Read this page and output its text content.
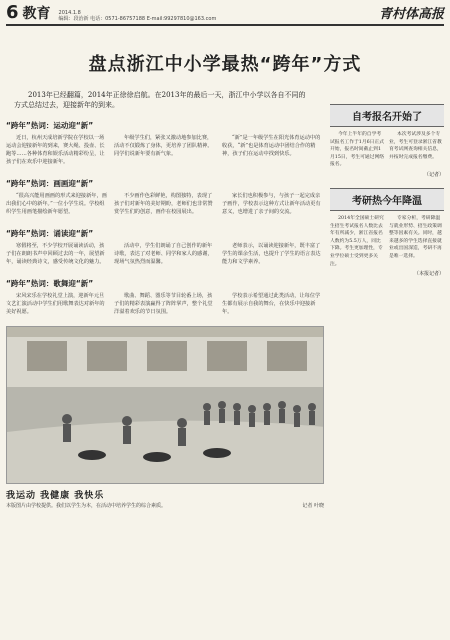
6 教育 2014.1.8
编辑：段治新 电话：0571-86757188 E-mail:99297810@163.com	青村体高报
盘点浙江中小学最热“跨年”方式

2013年已经翻篇，2014年正徐徐启航。在2013年的最后一天，浙江中小学以各自不同的方式总结过去，迎接新年的到来。

“跨年”热词：运动迎“新”

近日，杭州天成培新学院在学校以一场运动会迎接新年的到来，赛大绳、投壶、长跑等……各种体育和娱乐活动精彩纷呈，让孩子们在欢乐中迎接新年。

年级学生们，紧张又激动地参加比赛，活动不仅锻炼了身体，更培养了团队精神。同学们说新年要有新气象。

“新”是一年级学生在阳光体育运动中的收获，“新”也是体育运动中团结合作的精神，孩子们在运动中找到快乐。

“跨年”热词：画画迎“新”

“很高兴能用画画的形式来迎接新年，画出我们心中的新年。”一位小学生说。学校组织学生用画笔描绘新年愿望。

不少画作色彩鲜艳，构图独特，表现了孩子们对新年的美好期盼，老师们也非常赞赏学生们的创意，画作在校园展出。

家长们也积极参与，与孩子一起完成亲子画作，学校表示这种方式让新年活动更有意义，也增进了亲子间的交流。

“跨年”热词：诵读迎“新”

寒假将至，不少学校开展诵读活动，孩子们在朗朗书声中回顾过去的一年，展望新年，诵读经典诗文，感受传统文化的魅力。

活动中，学生们朗诵了自己创作的新年诗歌，表达了对老师、同学和家人的感谢，现场气氛热烈而温馨。

老师表示，以诵读迎接新年，既丰富了学生的课余生活，也提升了学生的语言表达能力和文学素养。

“跨年”热词：歌舞迎“新”

宋风宋乐在学校礼堂上演，迎新年元旦文艺汇演活动中学生们用歌舞表达对新年的美好祝愿。

歌曲、舞蹈、器乐等节目轮番上场，孩子们的精彩表演赢得了阵阵掌声，整个礼堂洋溢着欢乐的节日氛围。

学校表示希望通过此类活动，让每位学生都有展示自我的舞台，在快乐中迎接新年。

我运动 我健康 我快乐
本版图片由学校提供。我们以学生为本，在活动中培养学生的综合素质。	记者 叶晓
自考报名开始了

今年上半年的自学考试报名工作于1月6日正式开始，报名时间截止到1月15日，考生可通过网络报名。

本次考试涉及多个专业，考生可登录浙江省教育考试网查询相关信息，并按时完成报名缴费。

（记者）
考研热今年降温

2014年全国硕士研究生招生考试报名人数比去年有所减少，浙江省报名人数约为5.5万人，同比下降。考生更加理性，专业学位硕士受到更多关注。

专家分析，考研降温与就业形势、招生政策调整等因素有关。同时，越来越多的学生选择直接就业或出国深造，考研不再是唯一选择。

（本报记者）
